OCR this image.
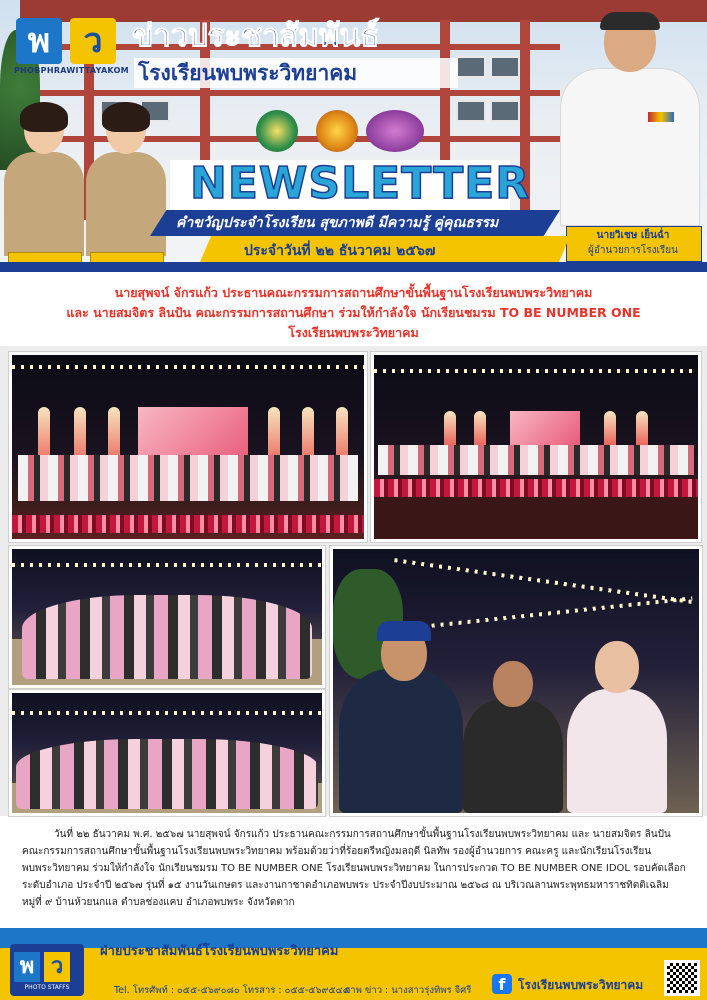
พ ว
PHOBPHRAWITTAYAKOM
ข่าวประชาสัมพันธ์
โรงเรียนพบพระวิทยาคม
นายวิเชษ เย็นฉ่ำ
ผู้อำนวยการโรงเรียน
NEWSLETTER
คำขวัญประจำโรงเรียน สุขภาพดี มีความรู้ คู่คุณธรรม
ประจำวันที่ ๒๒ ธันวาคม ๒๕๖๗
นายสุพจน์ จักรแก้ว ประธานคณะกรรมการสถานศึกษาขั้นพื้นฐานโรงเรียนพบพระวิทยาคม
และ นายสมจิตร ลินปัน คณะกรรมการสถานศึกษา ร่วมให้กำลังใจ นักเรียนชมรม TO BE NUMBER ONE
โรงเรียนพบพระวิทยาคม
วันที่ ๒๒ ธันวาคม พ.ศ. ๒๕๖๗ นายสุพจน์ จักรแก้ว ประธานคณะกรรมการสถานศึกษาขั้นพื้นฐานโรงเรียนพบพระวิทยาคม และ นายสมจิตร ลินปัน
คณะกรรมการสถานศึกษาขั้นพื้นฐานโรงเรียนพบพระวิทยาคม พร้อมด้วยว่าที่ร้อยตรีหญิงมลฤดี นิลทัพ รองผู้อำนวยการ คณะครู และนักเรียนโรงเรียน
พบพระวิทยาคม ร่วมให้กำลังใจ นักเรียนชมรม TO BE NUMBER ONE โรงเรียนพบพระวิทยาคม ในการประกวด TO BE NUMBER ONE IDOL รอบคัดเลือก
ระดับอำเภอ ประจำปี ๒๕๖๗ รุ่นที่ ๑๕ งานวันเกษตร และงานกาชาดอำเภอพบพระ ประจำปีงบประมาณ ๒๕๖๘ ณ บริเวณลานพระพุทธมหาราชทิตติเฉลิม
หมู่ที่ ๙ บ้านห้วยนกแล ตำบลช่องแคบ อำเภอพบพระ จังหวัดตาก
พ ว
PHOTO STAFFS
ฝ่ายประชาสัมพันธ์โรงเรียนพบพระวิทยาคม
Tel. โทรศัพท์ : ๐๕๕-๕๖๙๐๘๐ โทรสาร : ๐๕๕-๕๖๙๕๔๕
ภาพ ข่าว : นางสาวรุ่งทิพร จีศรี	f	โรงเรียนพบพระวิทยาคม
